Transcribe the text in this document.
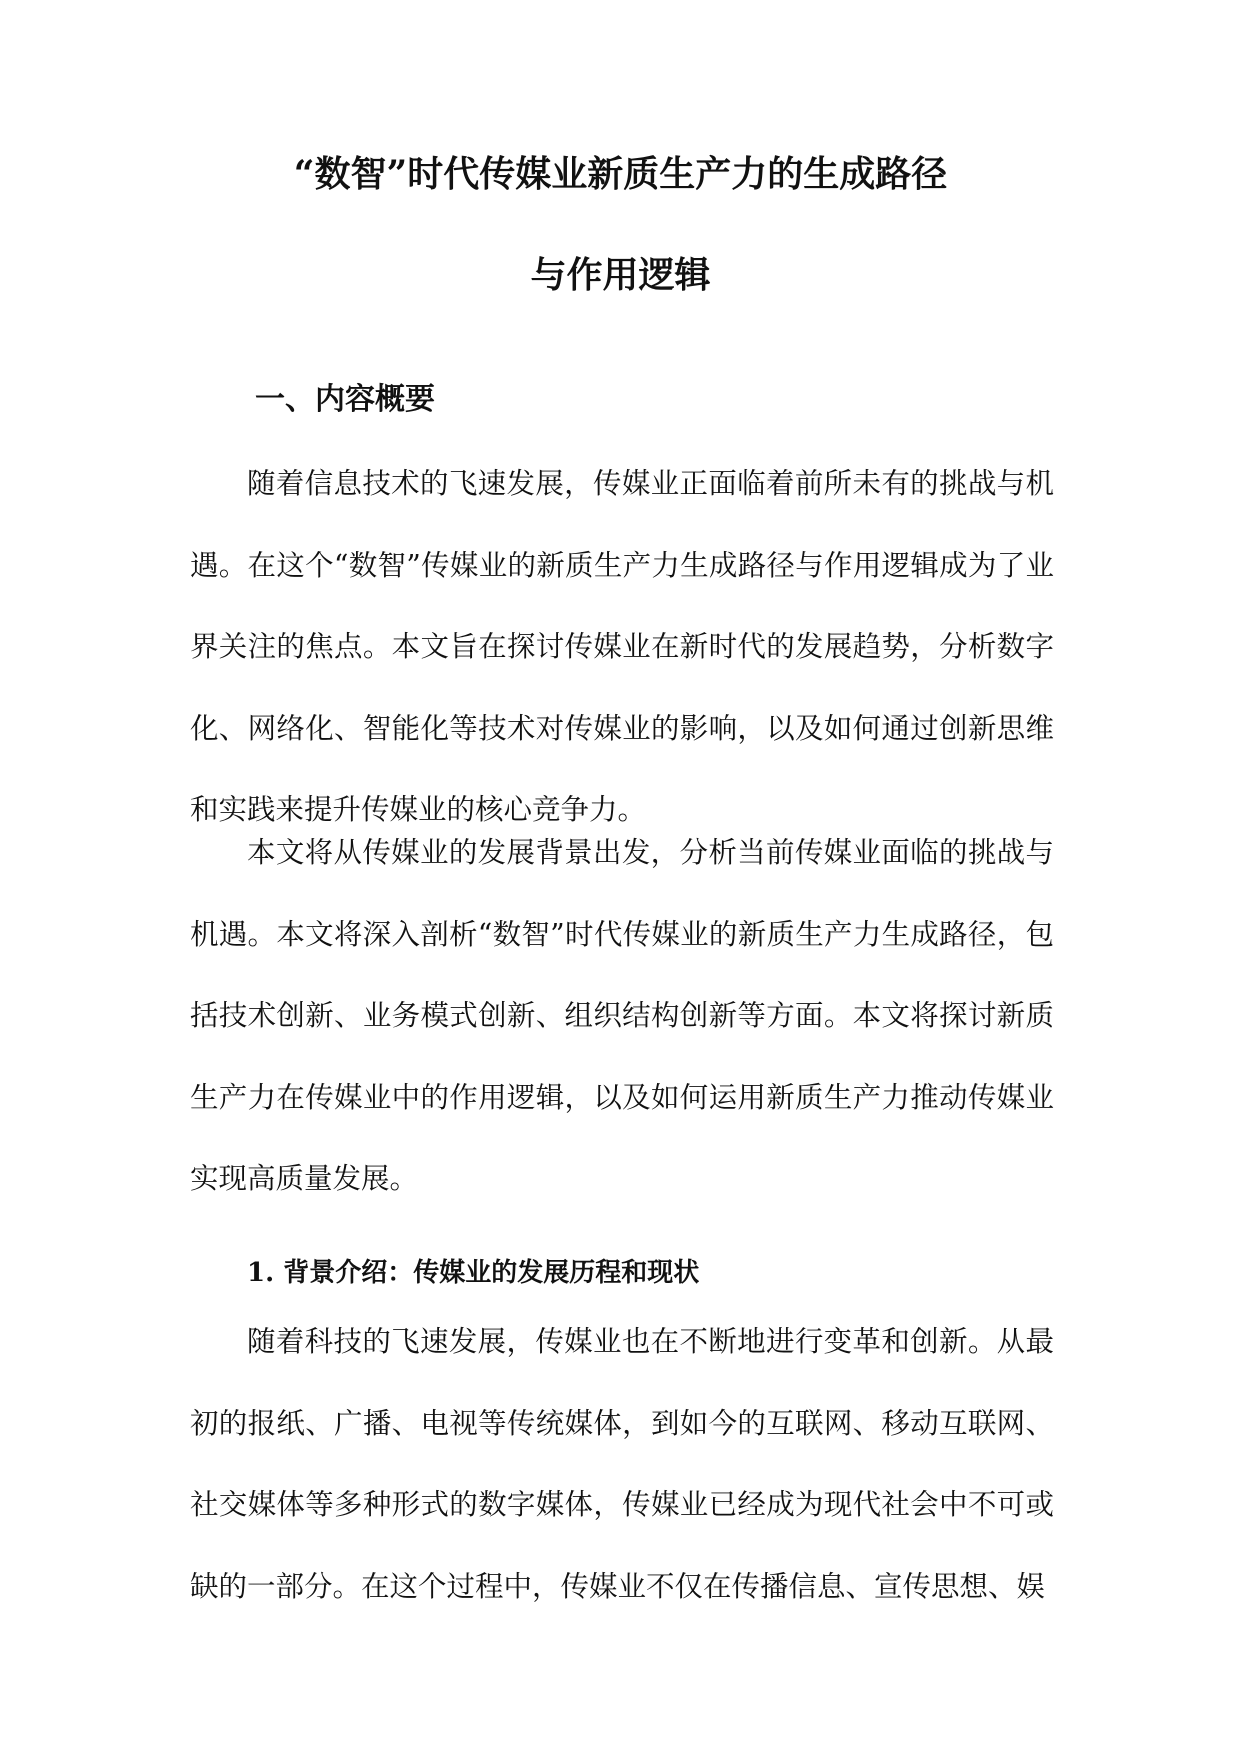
“数智”时代传媒业新质生产力的生成路径
与作用逻辑
一、内容概要

随着信息技术的飞速发展，传媒业正面临着前所未有的挑战与机遇。在这个“数智”传媒业的新质生产力生成路径与作用逻辑成为了业界关注的焦点。本文旨在探讨传媒业在新时代的发展趋势，分析数字化、网络化、智能化等技术对传媒业的影响，以及如何通过创新思维和实践来提升传媒业的核心竞争力。

本文将从传媒业的发展背景出发，分析当前传媒业面临的挑战与机遇。本文将深入剖析“数智”时代传媒业的新质生产力生成路径，包括技术创新、业务模式创新、组织结构创新等方面。本文将探讨新质生产力在传媒业中的作用逻辑，以及如何运用新质生产力推动传媒业实现高质量发展。

1. 背景介绍：传媒业的发展历程和现状

随着科技的飞速发展，传媒业也在不断地进行变革和创新。从最初的报纸、广播、电视等传统媒体，到如今的互联网、移动互联网、社交媒体等多种形式的数字媒体，传媒业已经成为现代社会中不可或缺的一部分。在这个过程中，传媒业不仅在传播信息、宣传思想、娱
